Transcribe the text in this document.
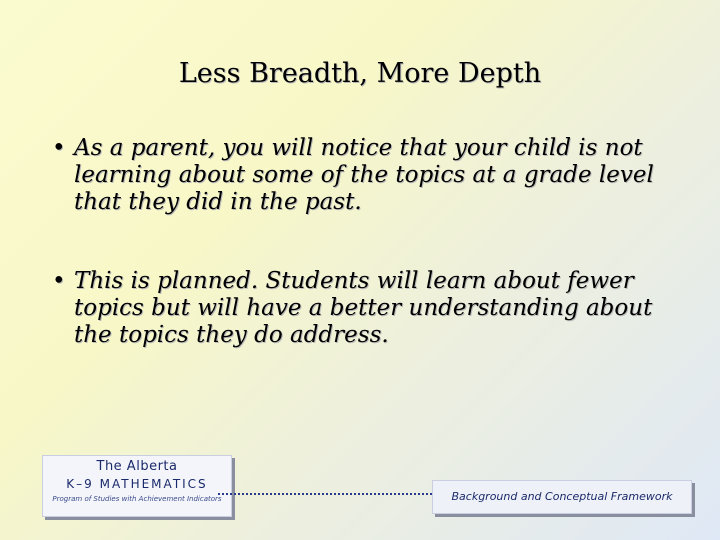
Less Breadth, More Depth
• As a parent, you will notice that your child is not learning about some of the topics at a grade level that they did in the past.
• This is planned. Students will learn about fewer topics but will have a better understanding about the topics they do address.
The Alberta
K–9 MATHEMATICS
Program of Studies with Achievement Indicators	Background and Conceptual Framework
